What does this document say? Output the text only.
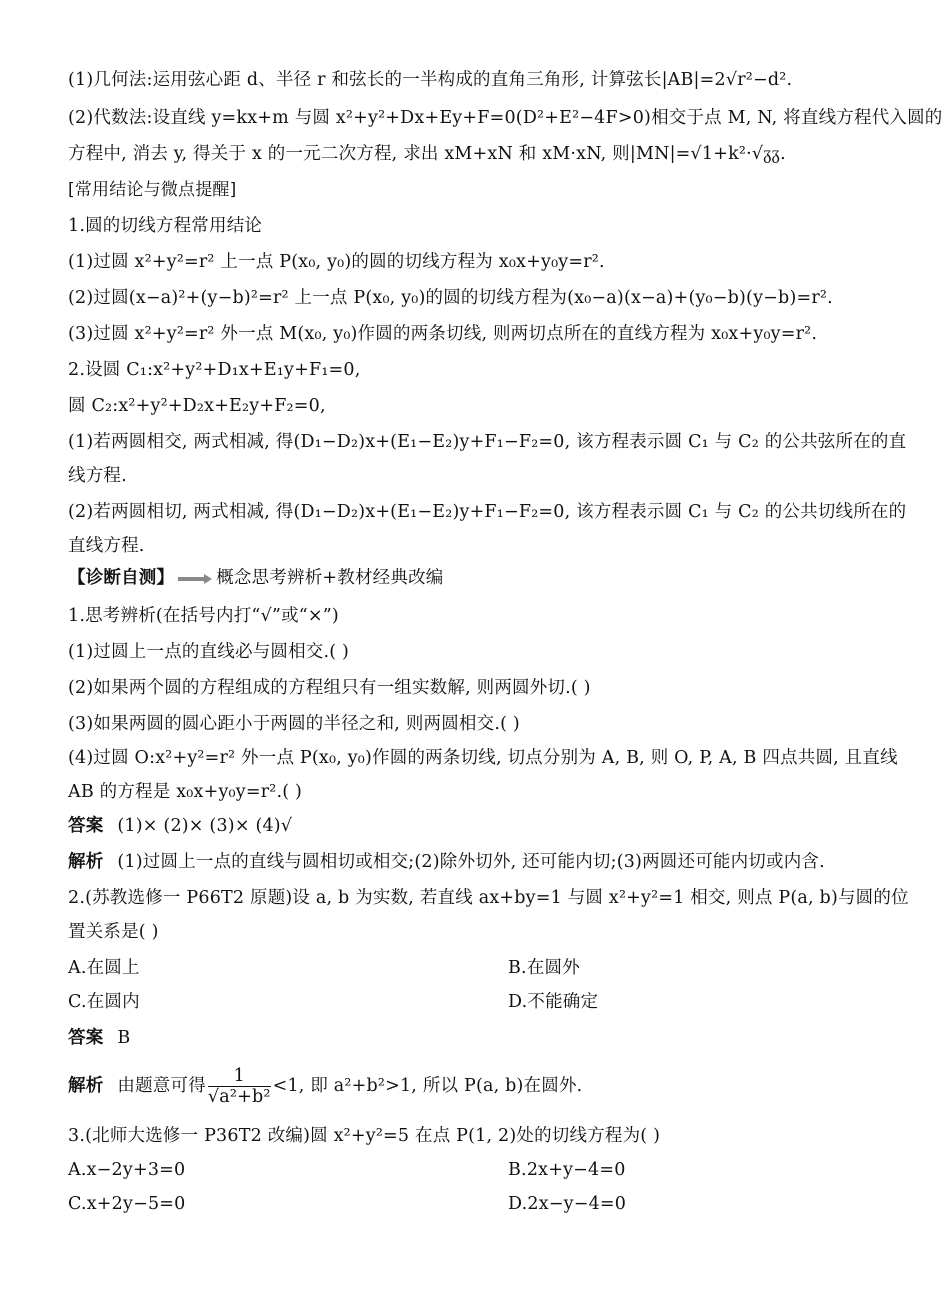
【诊断自测】 概念思考辨析+教材经典改编
答案 (1)× (2)× (3)× (4)√
解析 (1)过圆上一点的直线与圆相切或相交;(2)除外切外, 还可能内切;(3)两圆还可能内切或内含.
2.(苏教选修一 P66T2 原题)设 a, b 为实数, 若直线 ax+by=1 与圆 x²+y²=1 相交, 则点 P(a, b)与圆的位
置关系是( )
A.在圆上	B.在圆外
C.在圆内	D.不能确定
答案 B
解析 由题意可得 $\frac{1}{\text{√a²+b²}} <1$, 即 a²+b²>1, 所以 P(a, b)在圆外.
3.(北师大选修一 P36T2 改编)圆 x²+y²=5 在点 P(1, 2)处的切线方程为( )
A.x−2y+3=0	B.2x+y−4=0
C.x+2y−5=0	D.2x−y−4=0
(1)几何法:运用弦心距 d、半径 r 和弦长的一半构成的直角三角形, 计算弦长|AB|=2√r²−d².
(2)代数法:设直线 y=kx+m 与圆 x²+y²+Dx+Ey+F=0(D²+E²−4F>0)相交于点 M, N, 将直线方程代入圆的
方程中, 消去 y, 得关于 x 的一元二次方程, 求出 xM+xN 和 xM·xN, 则|MN|=√1+k²·√ᵹᵹ.
[常用结论与微点提醒]
1.圆的切线方程常用结论
(1)过圆 x²+y²=r² 上一点 P(x₀, y₀)的圆的切线方程为 x₀x+y₀y=r².
(2)过圆(x−a)²+(y−b)²=r² 上一点 P(x₀, y₀)的圆的切线方程为(x₀−a)(x−a)+(y₀−b)(y−b)=r².
(3)过圆 x²+y²=r² 外一点 M(x₀, y₀)作圆的两条切线, 则两切点所在的直线方程为 x₀x+y₀y=r².
2.设圆 C₁:x²+y²+D₁x+E₁y+F₁=0,
圆 C₂:x²+y²+D₂x+E₂y+F₂=0,
(1)若两圆相交, 两式相减, 得(D₁−D₂)x+(E₁−E₂)y+F₁−F₂=0, 该方程表示圆 C₁ 与 C₂ 的公共弦所在的直
线方程.
(2)若两圆相切, 两式相减, 得(D₁−D₂)x+(E₁−E₂)y+F₁−F₂=0, 该方程表示圆 C₁ 与 C₂ 的公共切线所在的
直线方程.
1.思考辨析(在括号内打“√”或“×”)
(1)过圆上一点的直线必与圆相交.( )
(2)如果两个圆的方程组成的方程组只有一组实数解, 则两圆外切.( )
(3)如果两圆的圆心距小于两圆的半径之和, 则两圆相交.( )
(4)过圆 O:x²+y²=r² 外一点 P(x₀, y₀)作圆的两条切线, 切点分别为 A, B, 则 O, P, A, B 四点共圆, 且直线
AB 的方程是 x₀x+y₀y=r².( )
